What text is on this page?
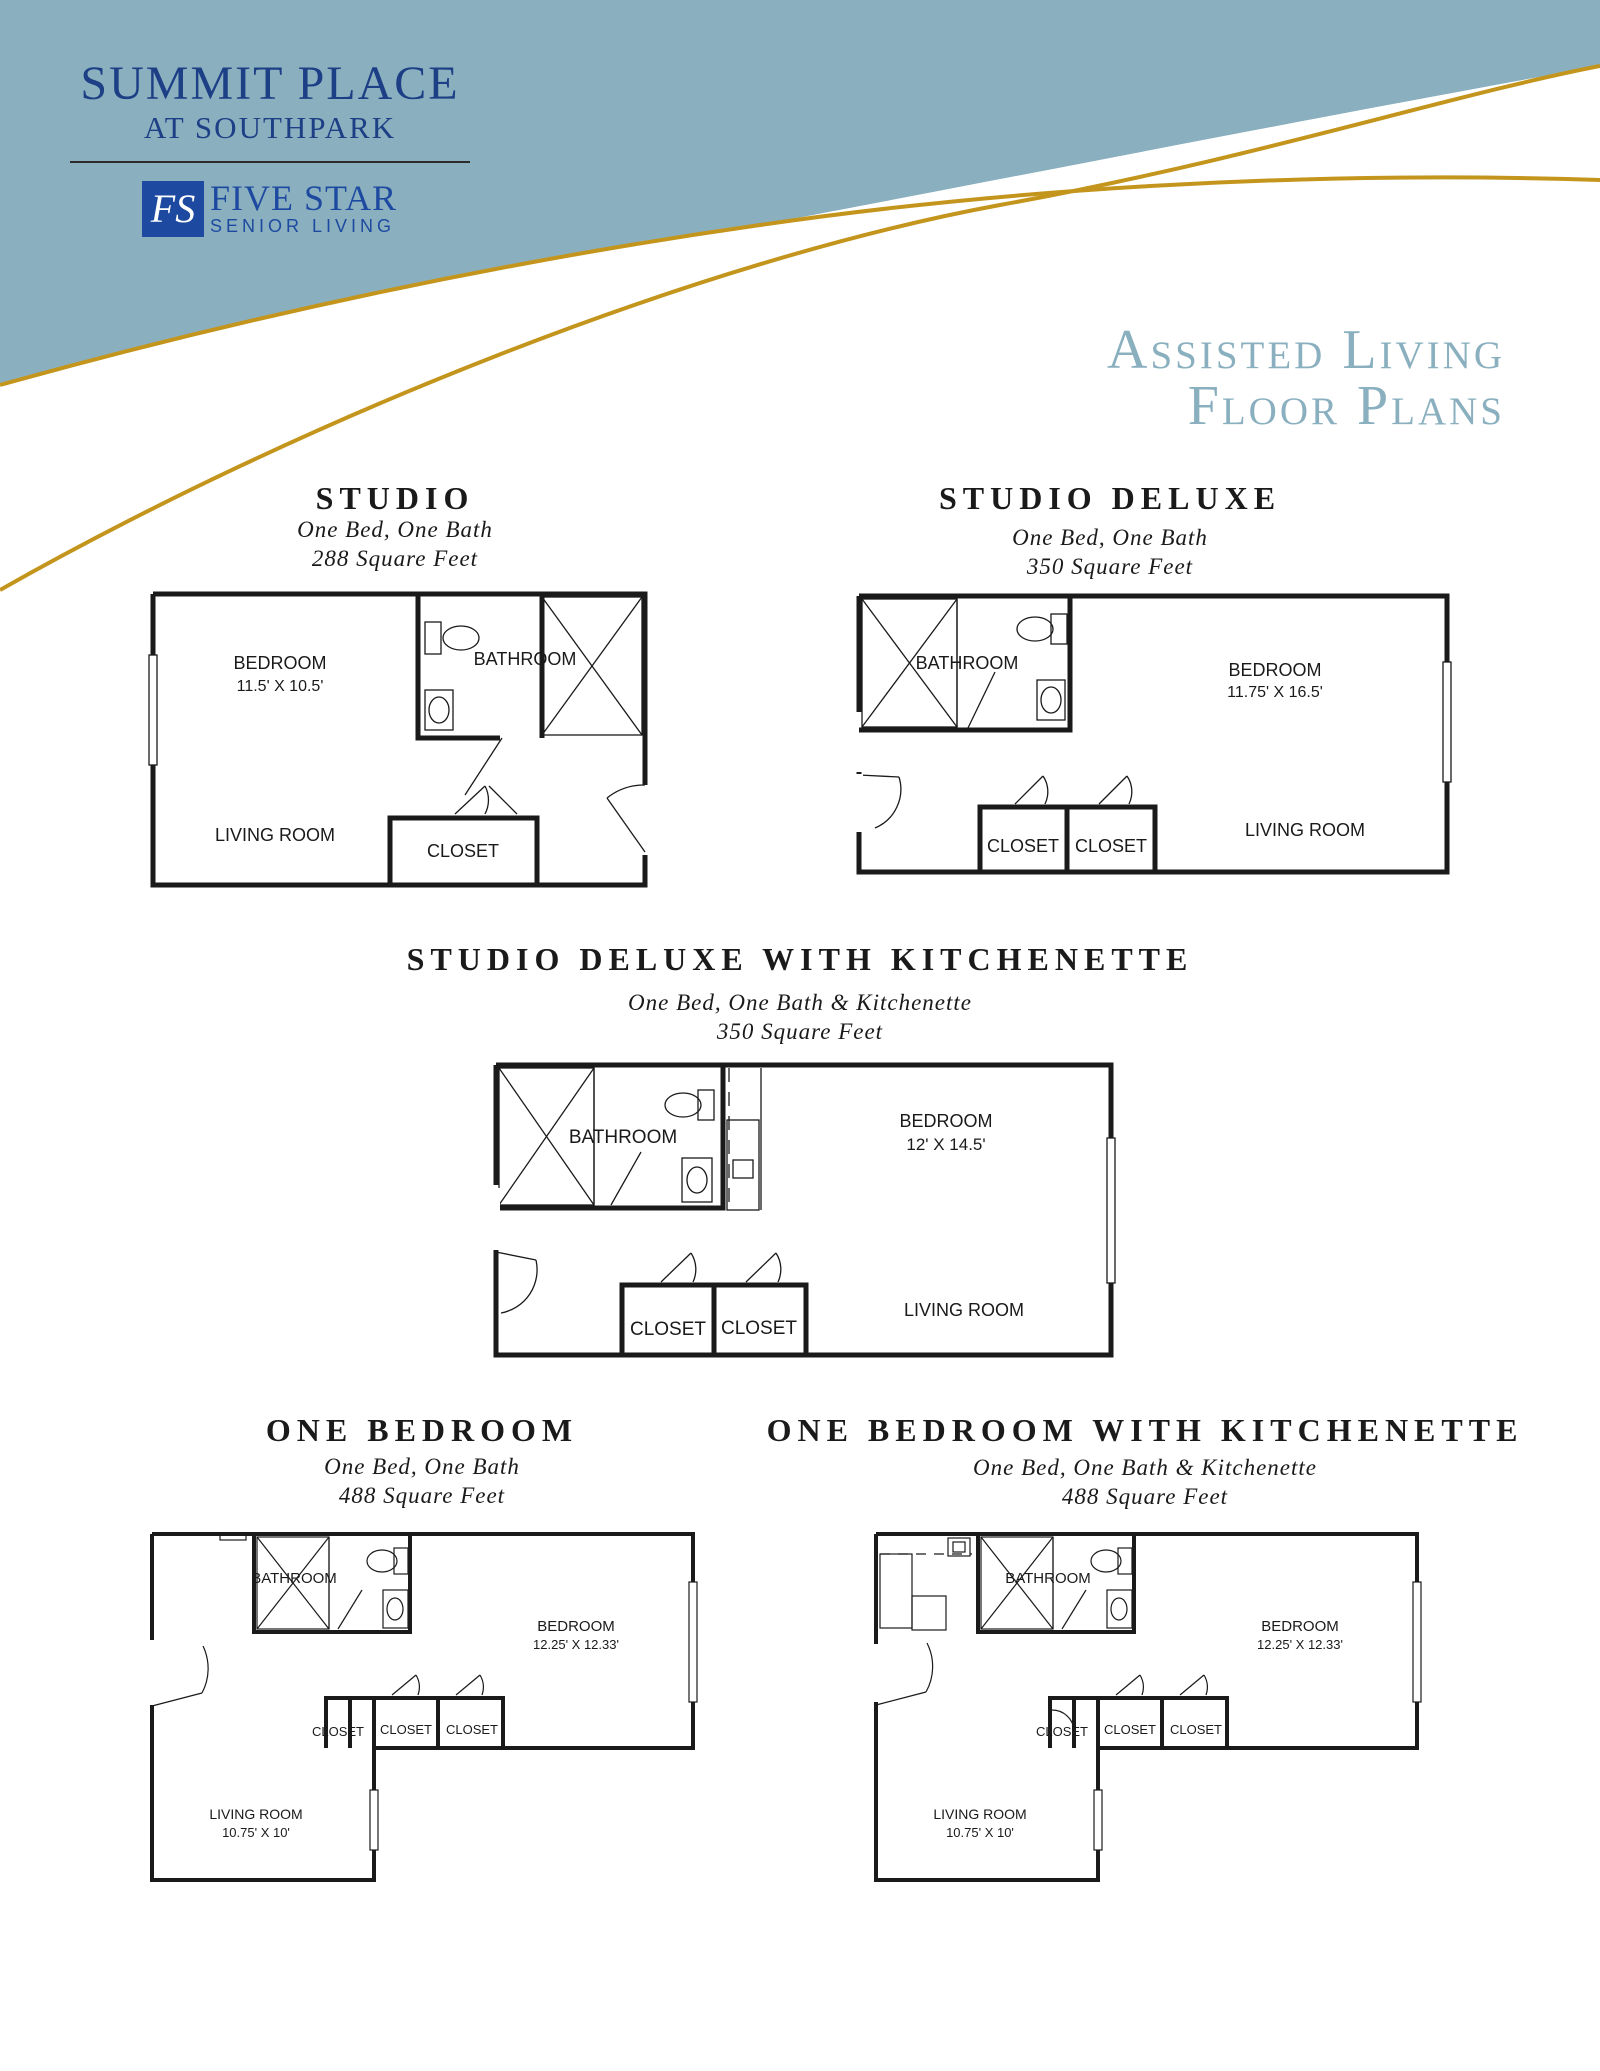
SUMMIT PLACE
AT SOUTHPARK
FS FIVE STAR
SENIOR LIVING
Assisted Living
Floor Plans
STUDIO
One Bed, One Bath
288 Square Feet
BEDROOM
11.5' X 10.5'
BATHROOM
LIVING ROOM
CLOSET
STUDIO DELUXE
One Bed, One Bath
350 Square Feet
BATHROOM	BEDROOM
11.75' X 16.5'
CLOSET CLOSET
LIVING ROOM
STUDIO DELUXE WITH KITCHENETTE
One Bed, One Bath & Kitchenette
350 Square Feet
BATHROOM
BEDROOM
12' X 14.5'
CLOSET CLOSET
LIVING ROOM
ONE BEDROOM
One Bed, One Bath
488 Square Feet
BATHROOM
BEDROOM
12.25' X 12.33'
CLOSET CLOSET CLOSET
LIVING ROOM
10.75' X 10'
ONE BEDROOM WITH KITCHENETTE
One Bed, One Bath & Kitchenette
488 Square Feet
BATHROOM
BEDROOM
12.25' X 12.33'
CLOSET CLOSET CLOSET
LIVING ROOM
10.75' X 10'
